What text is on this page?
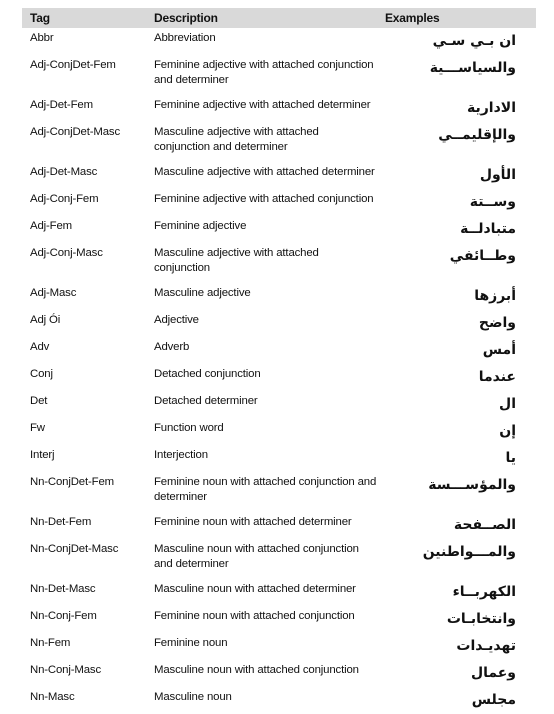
Tag	Description	Examples
Abbr	Abbreviation	ان بـي سـي
Adj-ConjDet-Fem	Feminine adjective with attached conjunction and determiner	والسياســـية
Adj-Det-Fem	Feminine adjective with attached determiner	الادارية
Adj-ConjDet-Masc	Masculine adjective with attached conjunction and determiner	والإقليمــي
Adj-Det-Masc	Masculine adjective with attached determiner	الأول
Adj-Conj-Fem	Feminine adjective with attached conjunction	وســتة
Adj-Fem	Feminine adjective	متبادلــة
Adj-Conj-Masc	Masculine adjective with attached conjunction	وطــائفي
Adj-Masc	Masculine adjective	أبرزها
Adj Ói	Adjective	واضح
Adv	Adverb	أمس
Conj	Detached conjunction	عندما
Det	Detached determiner	ال
Fw	Function word	إن
Interj	Interjection	يا
Nn-ConjDet-Fem	Feminine noun with attached conjunction and determiner	والمؤســـسة
Nn-Det-Fem	Feminine noun with attached determiner	الصــفحة
Nn-ConjDet-Masc	Masculine noun with attached conjunction and determiner	والمـــواطنين
Nn-Det-Masc	Masculine noun with attached determiner	الكهربــاء
Nn-Conj-Fem	Feminine noun with attached conjunction	وانتخابـات
Nn-Fem	Feminine noun	تهديـدات
Nn-Conj-Masc	Masculine noun with attached conjunction	وعمال
Nn-Masc	Masculine noun	مجلس
